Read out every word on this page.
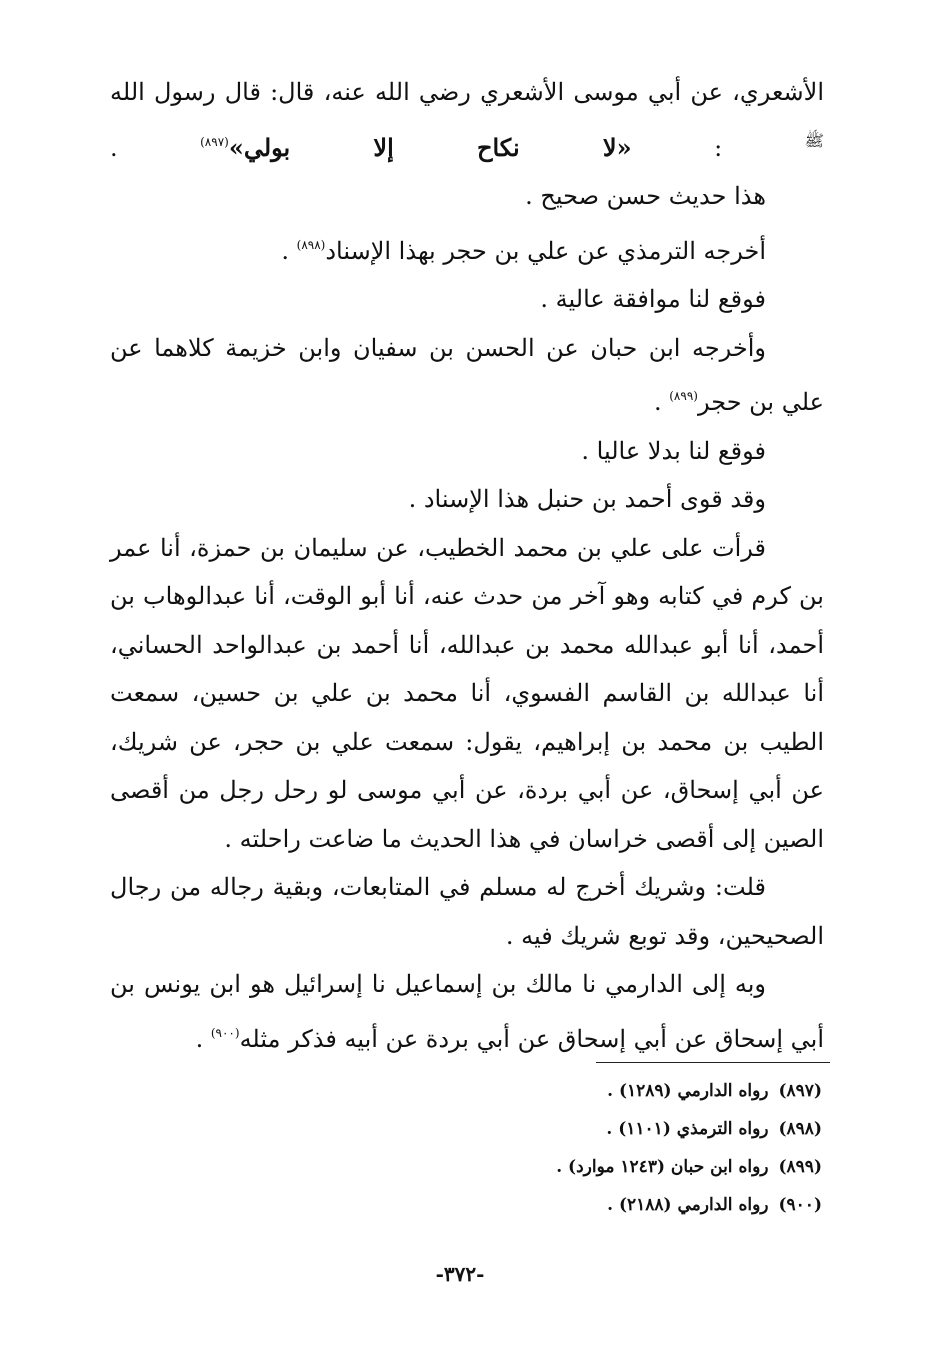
الأشعري، عن أبي موسى الأشعري رضي الله عنه، قال: قال رسول الله $^ﷺ$ : «لا نكاح إلا بولي»$^{(٨٩٧)}$ .

هذا حديث حسن صحيح .

أخرجه الترمذي عن علي بن حجر بهذا الإسناد$^{(٨٩٨)}$ .

فوقع لنا موافقة عالية .

وأخرجه ابن حبان عن الحسن بن سفيان وابن خزيمة كلاهما عن علي بن حجر$^{(٨٩٩)}$ .

فوقع لنا بدلا عاليا .

وقد قوى أحمد بن حنبل هذا الإسناد .

قرأت على علي بن محمد الخطيب، عن سليمان بن حمزة، أنا عمر بن كرم في كتابه وهو آخر من حدث عنه، أنا أبو الوقت، أنا عبدالوهاب بن أحمد، أنا أبو عبدالله محمد بن عبدالله، أنا أحمد بن عبدالواحد الحساني، أنا عبدالله بن القاسم الفسوي، أنا محمد بن علي بن حسين، سمعت الطيب بن محمد بن إبراهيم، يقول: سمعت علي بن حجر، عن شريك، عن أبي إسحاق، عن أبي بردة، عن أبي موسى لو رحل رجل من أقصى الصين إلى أقصى خراسان في هذا الحديث ما ضاعت راحلته .

قلت: وشريك أخرج له مسلم في المتابعات، وبقية رجاله من رجال الصحيحين، وقد توبع شريك فيه .

وبه إلى الدارمي نا مالك بن إسماعيل نا إسرائيل هو ابن يونس بن أبي إسحاق عن أبي إسحاق عن أبي بردة عن أبيه فذكر مثله$^{(٩٠٠)}$ .

(٨٩٧)رواه الدارمي (١٢٨٩) .
(٨٩٨)رواه الترمذي (١١٠١) .
(٨٩٩)رواه ابن حبان (١٢٤٣ موارد) .
(٩٠٠)رواه الدارمي (٢١٨٨) .
-٣٧٢-
